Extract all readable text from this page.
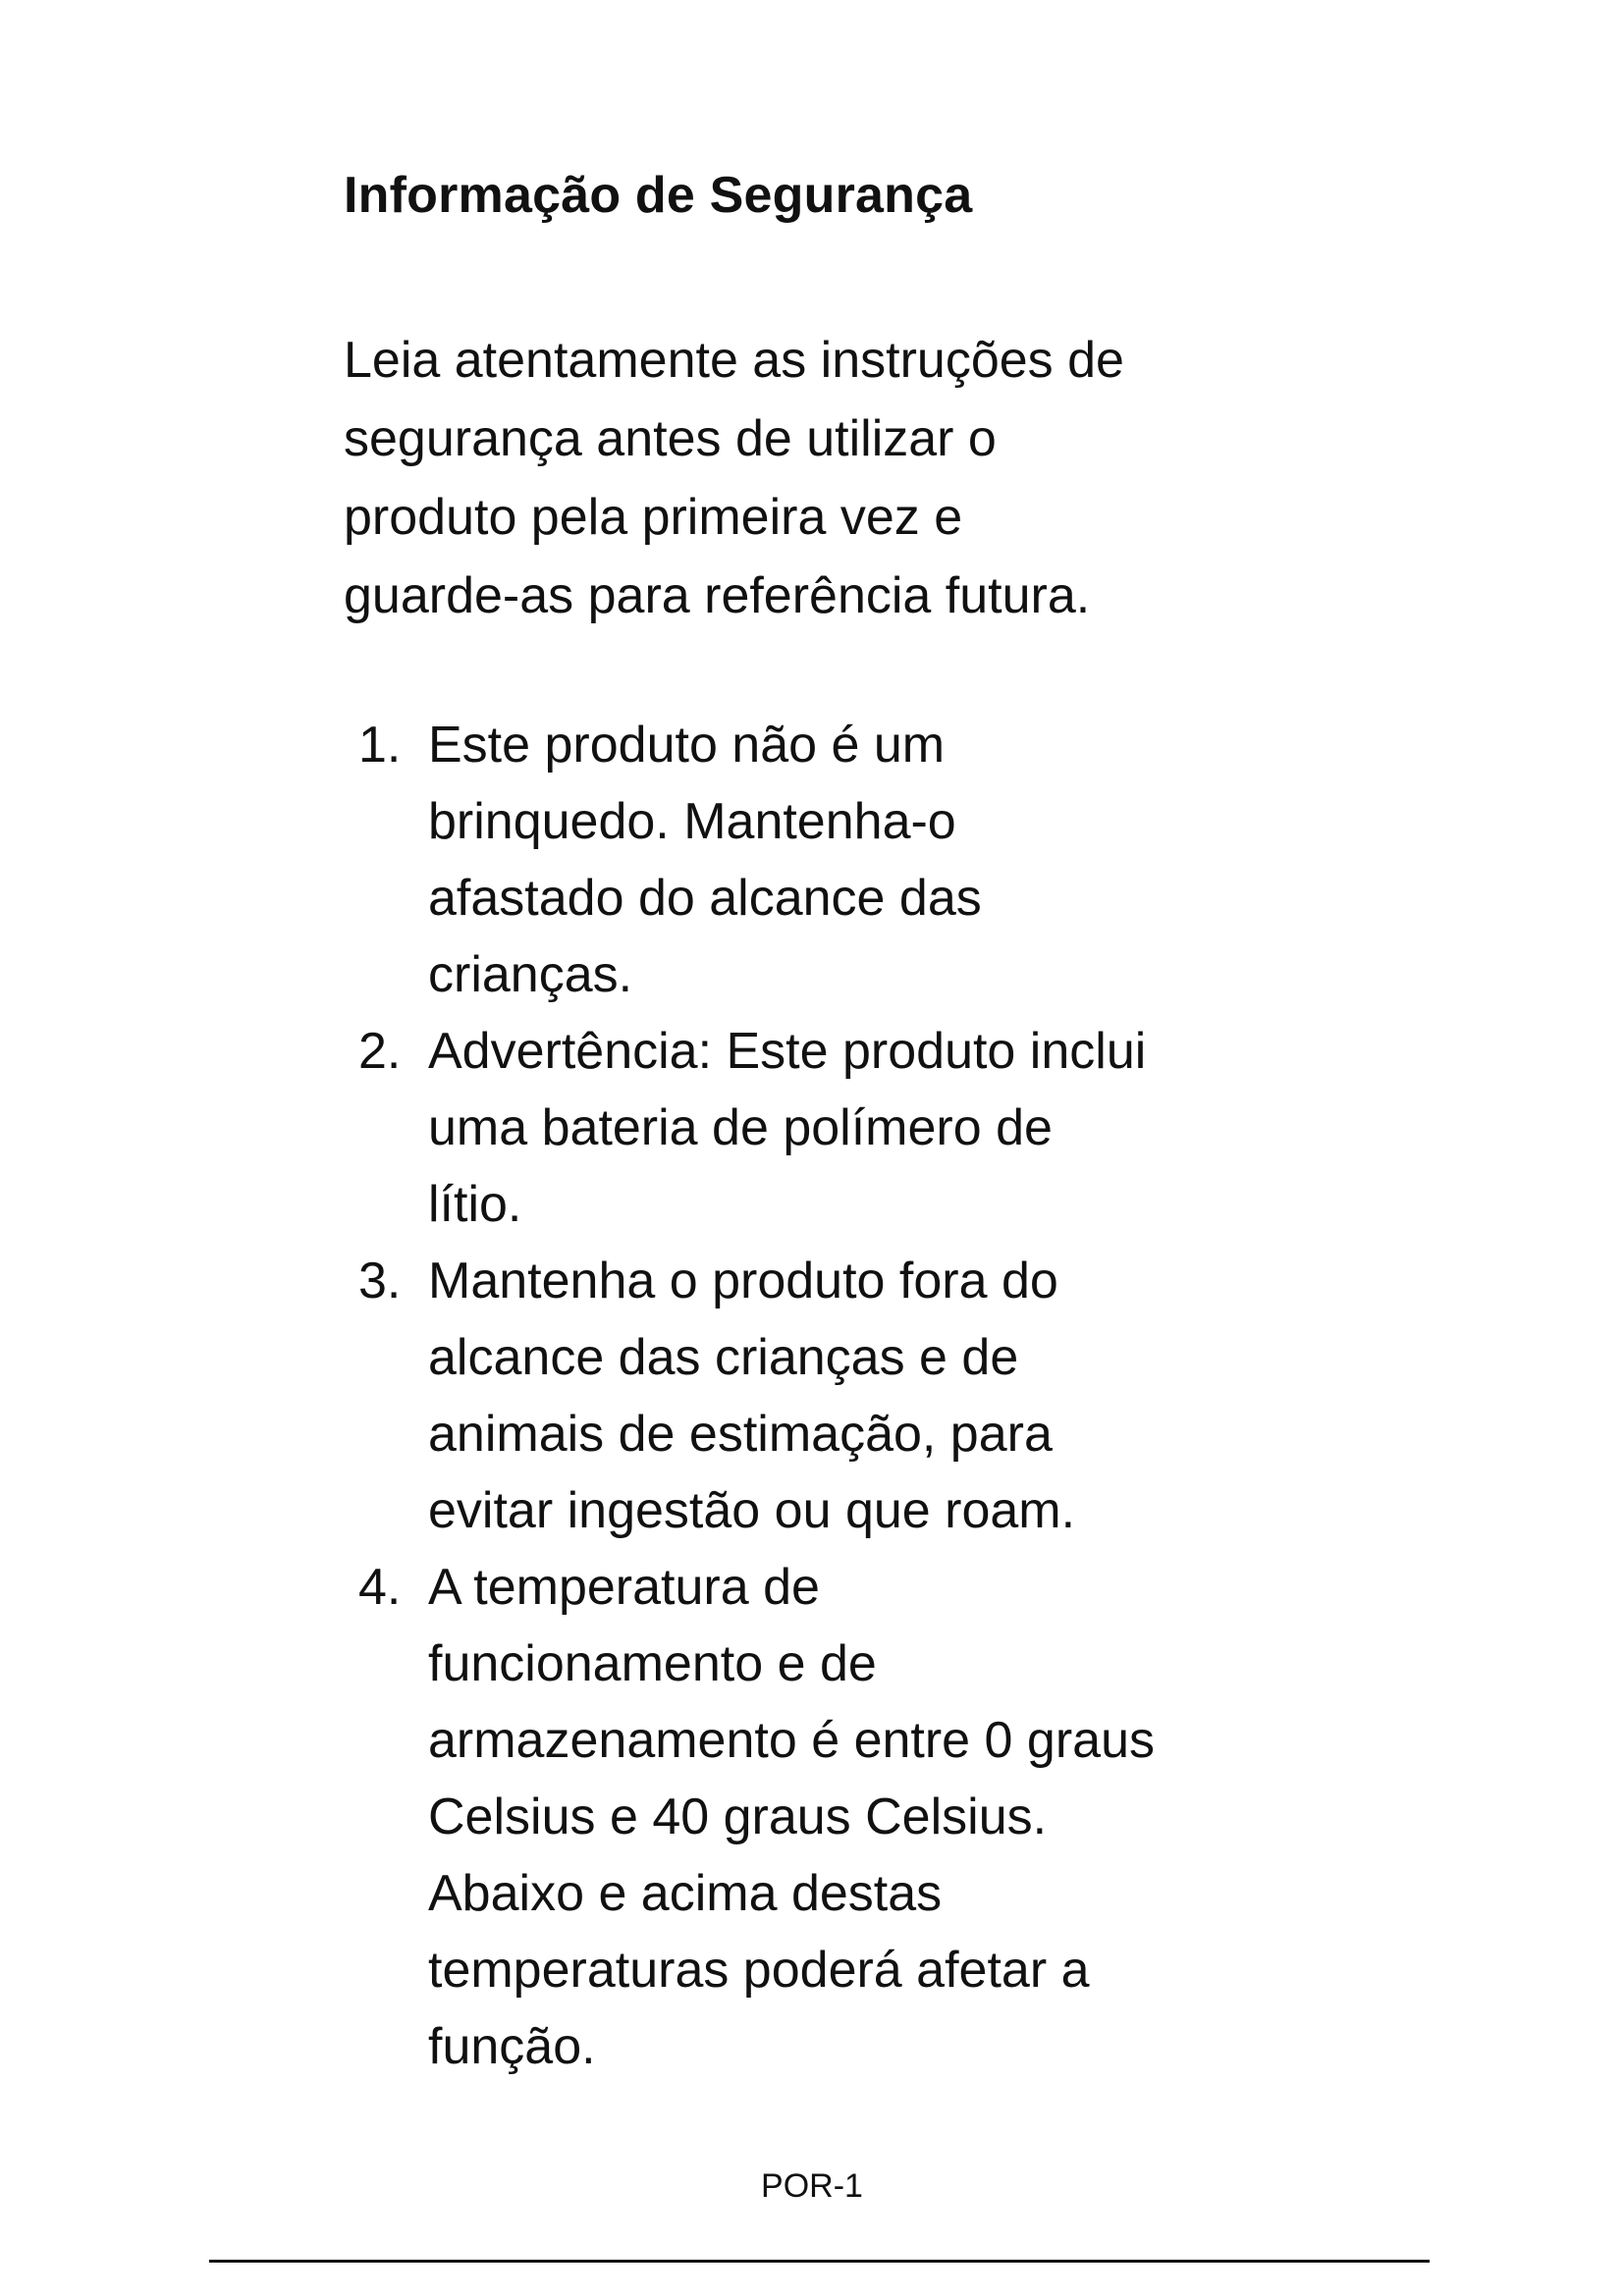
Informação de Segurança

Leia atentamente as instruções de
segurança antes de utilizar o
produto pela primeira vez e
guarde-as para referência futura.

1. Este produto não é um
brinquedo. Mantenha-o
afastado do alcance das
crianças.
2. Advertência: Este produto inclui
uma bateria de polímero de
lítio.
3. Mantenha o produto fora do
alcance das crianças e de
animais de estimação, para
evitar ingestão ou que roam.
4. A temperatura de
funcionamento e de
armazenamento é entre 0 graus
Celsius e 40 graus Celsius.
Abaixo e acima destas
temperaturas poderá afetar a
função.
POR-1
